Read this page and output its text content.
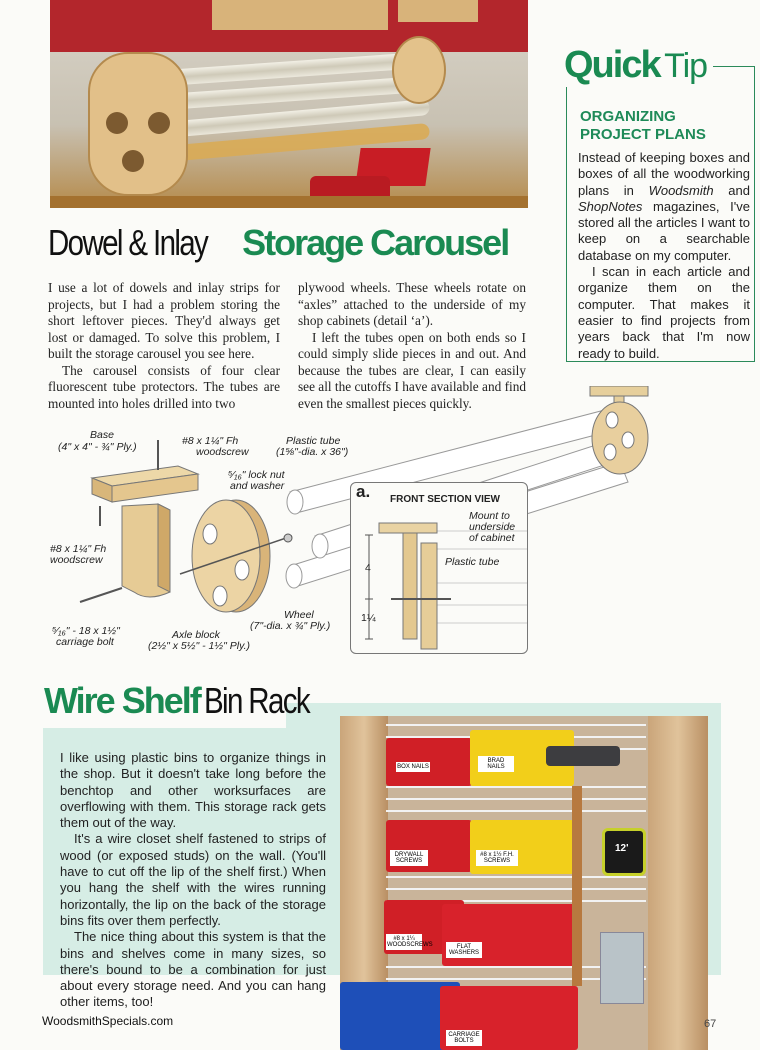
Quick Tip
ORGANIZING PROJECT PLANS

Instead of keeping boxes and boxes of all the woodworking plans in Woodsmith and ShopNotes magazines, I've stored all the articles I want to keep on a searchable database on my computer.

I scan in each article and organize them on the computer. That makes it easier to find projects from years back that I'm now ready to build.

Dowel & Inlay Storage Carousel

I use a lot of dowels and inlay strips for projects, but I had a problem storing the short leftover pieces. They'd always get lost or damaged. To solve this problem, I built the storage carousel you see here.

The carousel consists of four clear fluorescent tube protectors. The tubes are mounted into holes drilled into two

plywood wheels. These wheels rotate on “axles” attached to the underside of my shop cabinets (detail ‘a’).

I left the tubes open on both ends so I could simply slide pieces in and out. And because the tubes are clear, I can easily see all the cutoffs I have available and find even the smallest pieces quickly.

Base
(4" x 4" - ¾" Ply.)	#8 x 1¼" Fh
woodscrew
Plastic tube
(1⅝"-dia. x 36")
⁵⁄₁₆" lock nut
and washer
#8 x 1¼" Fh
woodscrew
⁵⁄₁₆" - 18 x 1½"
carriage bolt
Axle block
(2½" x 5½" - 1½" Ply.)
Wheel
(7"-dia. x ¾" Ply.)
4
1¼
Mount to
underside
of cabinet
Plastic tube
a. FRONT SECTION VIEW
Wire Shelf Bin Rack

I like using plastic bins to organize things in the shop. But it doesn't take long before the benchtop and other worksurfaces are overflowing with them. This storage rack gets them out of the way.

It's a wire closet shelf fastened to strips of wood (or exposed studs) on the wall. (You'll have to cut off the lip of the shelf first.) When you hang the shelf with the wires running horizontally, the lip on the back of the storage bins fits over them perfectly.

The nice thing about this system is that the bins and shelves come in many sizes, so there's bound to be a combination for just about every storage need. And you can hang other items, too!

BOX NAILS
BRAD NAILS
DRYWALL SCREWS
#8 x 1½ F.H. SCREWS
#8 x 1¼ WOODSCREWS	FLAT WASHERS
CARRIAGE BOLTS
12'
WoodsmithSpecials.com	67
